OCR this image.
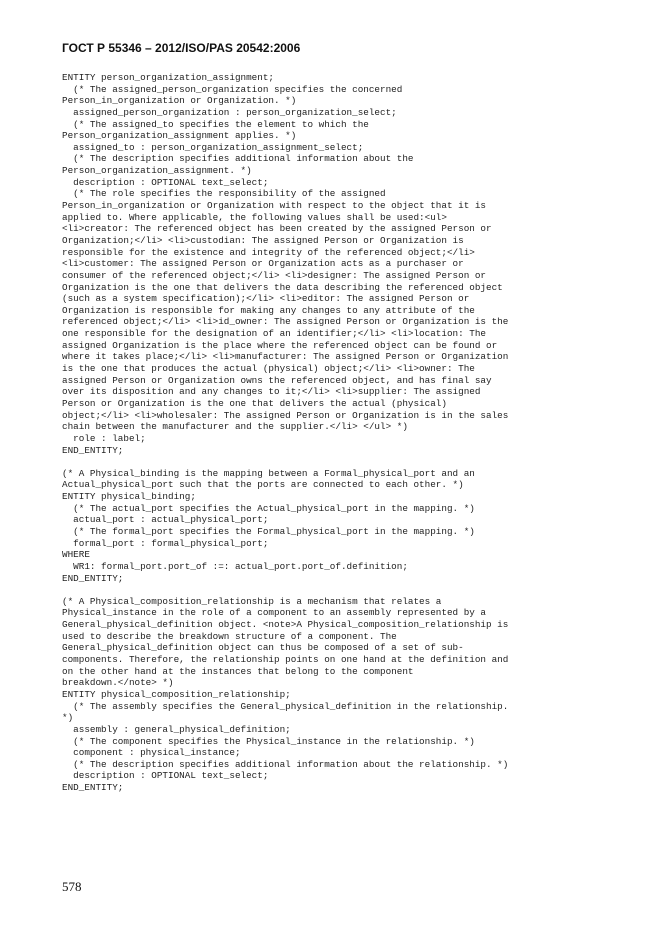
ГОСТ Р 55346 – 2012/ISO/PAS 20542:2006
ENTITY person_organization_assignment;
(* The assigned_person_organization specifies the concerned
Person_in_organization or Organization. *)
assigned_person_organization : person_organization_select;
(* The assigned_to specifies the element to which the
Person_organization_assignment applies. *)
assigned_to : person_organization_assignment_select;
(* The description specifies additional information about the
Person_organization_assignment. *)
description : OPTIONAL text_select;
(* The role specifies the responsibility of the assigned
Person_in_organization or Organization with respect to the object that it is
applied to. Where applicable, the following values shall be used:<ul>
<li>creator: The referenced object has been created by the assigned Person or
Organization;</li> <li>custodian: The assigned Person or Organization is
responsible for the existence and integrity of the referenced object;</li>
<li>customer: The assigned Person or Organization acts as a purchaser or
consumer of the referenced object;</li> <li>designer: The assigned Person or
Organization is the one that delivers the data describing the referenced object
(such as a system specification);</li> <li>editor: The assigned Person or
Organization is responsible for making any changes to any attribute of the
referenced object;</li> <li>id_owner: The assigned Person or Organization is the
one responsible for the designation of an identifier;</li> <li>location: The
assigned Organization is the place where the referenced object can be found or
where it takes place;</li> <li>manufacturer: The assigned Person or Organization
is the one that produces the actual (physical) object;</li> <li>owner: The
assigned Person or Organization owns the referenced object, and has final say
over its disposition and any changes to it;</li> <li>supplier: The assigned
Person or Organization is the one that delivers the actual (physical)
object;</li> <li>wholesaler: The assigned Person or Organization is in the sales
chain between the manufacturer and the supplier.</li> </ul> *)
role : label;
END_ENTITY;
(* A Physical_binding is the mapping between a Formal_physical_port and an
Actual_physical_port such that the ports are connected to each other. *)
ENTITY physical_binding;
(* The actual_port specifies the Actual_physical_port in the mapping. *)
actual_port : actual_physical_port;
(* The formal_port specifies the Formal_physical_port in the mapping. *)
formal_port : formal_physical_port;
WHERE
WR1: formal_port.port_of :=: actual_port.port_of.definition;
END_ENTITY;
(* A Physical_composition_relationship is a mechanism that relates a
Physical_instance in the role of a component to an assembly represented by a
General_physical_definition object. <note>A Physical_composition_relationship is
used to describe the breakdown structure of a component. The
General_physical_definition object can thus be composed of a set of sub-
components. Therefore, the relationship points on one hand at the definition and
on the other hand at the instances that belong to the component
breakdown.</note> *)
ENTITY physical_composition_relationship;
(* The assembly specifies the General_physical_definition in the relationship.
*)
assembly : general_physical_definition;
(* The component specifies the Physical_instance in the relationship. *)
component : physical_instance;
(* The description specifies additional information about the relationship. *)
description : OPTIONAL text_select;
END_ENTITY;
578
